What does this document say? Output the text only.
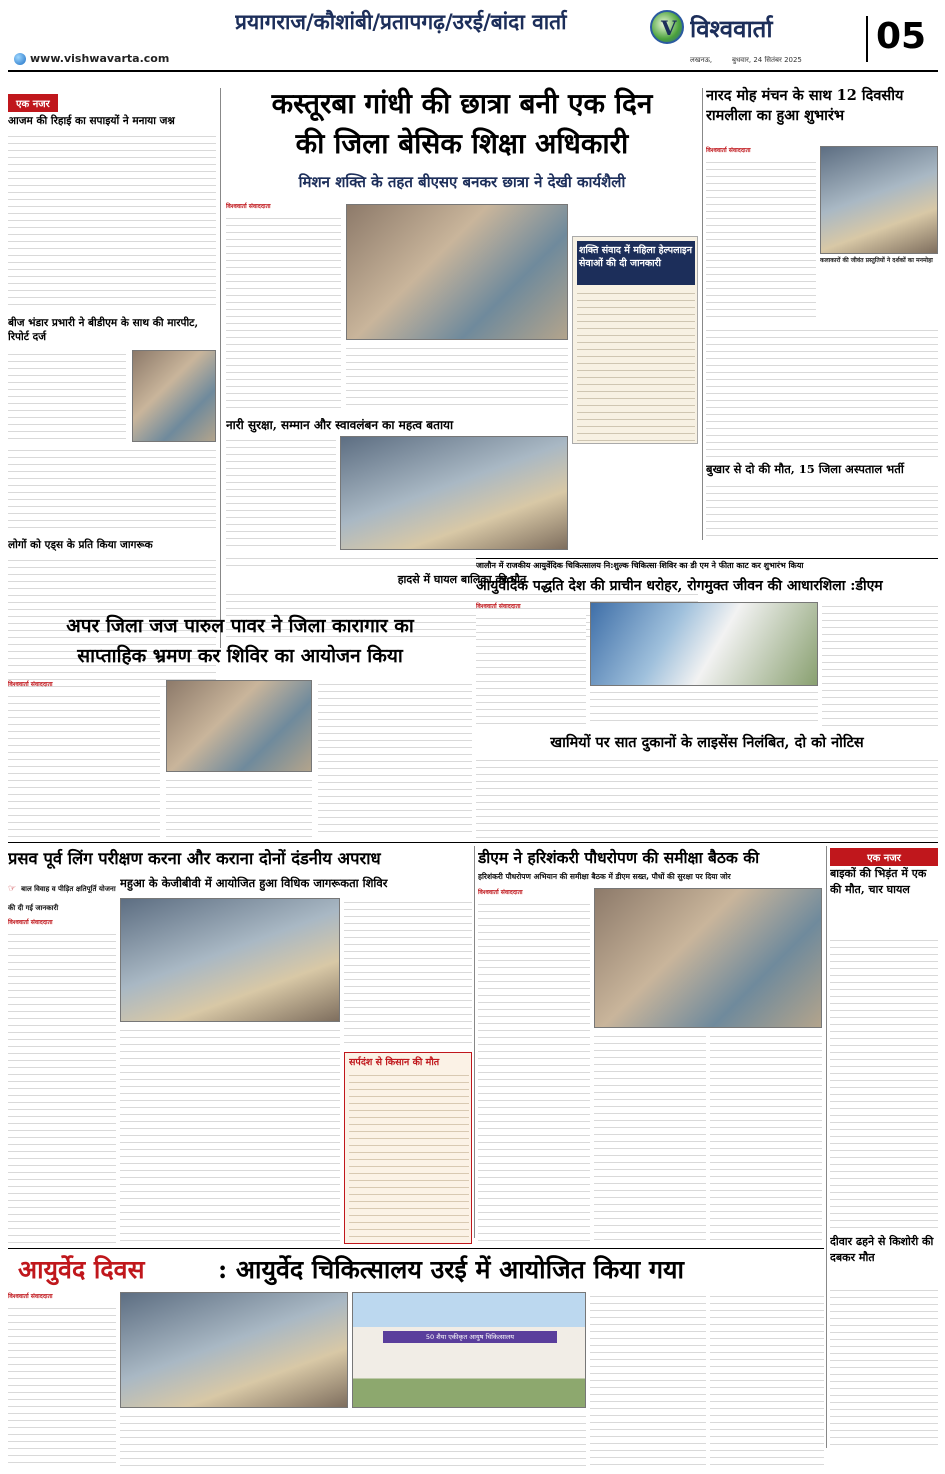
प्रयागराज/कौशांबी/प्रतापगढ़/उरई/बांदा वार्ता
www.vishwavarta.com
V विश्ववार्ता
लखनऊ,	बुधवार, 24 सितंबर 2025
05
एक नजर
आजम की रिहाई का सपाइयों ने मनाया जश्न
बीज भंडार प्रभारी ने बीडीएम के साथ की मारपीट, रिपोर्ट दर्ज
लोगों को एड्स के प्रति किया जागरूक
कस्तूरबा गांधी की छात्रा बनी एक दिन
की जिला बेसिक शिक्षा अधिकारी
मिशन शक्ति के तहत बीएसए बनकर छात्रा ने देखी कार्यशैली
विश्ववार्ता संवाददाता
शक्ति संवाद में महिला हेल्पलाइन सेवाओं की दी जानकारी
नारी सुरक्षा, सम्मान और स्वावलंबन का महत्व बताया
हादसे में घायल बालिका की मौत
नारद मोह मंचन के साथ 12 दिवसीय रामलीला का हुआ शुभारंभ
विश्ववार्ता संवाददाता
कलाकारों की जीवंत प्रस्तुतियों ने दर्शकों का मनमोहा
बुखार से दो की मौत, 15 जिला अस्पताल भर्ती
जालौन में राजकीय आयुर्वेदिक चिकित्सालय नि:शुल्क चिकित्सा शिविर का डी एम ने फीता काट कर शुभारंभ किया
आयुर्वेदिक पद्धति देश की प्राचीन धरोहर, रोगमुक्त जीवन की आधारशिला :डीएम
विश्ववार्ता संवाददाता
अपर जिला जज पारुल पावर ने जिला कारागार का
साप्ताहिक भ्रमण कर शिविर का आयोजन किया
विश्ववार्ता संवाददाता
खामियों पर सात दुकानों के लाइसेंस निलंबित, दो को नोटिस
प्रसव पूर्व लिंग परीक्षण करना और कराना दोनों दंडनीय अपराध
☞ बाल विवाह व पीड़ित क्षतिपूर्ति योजना की दी गई जानकारी
महुआ के केजीबीवी में आयोजित हुआ विधिक जागरूकता शिविर
विश्ववार्ता संवाददाता
सर्पदंश से किसान की मौत
डीएम ने हरिशंकरी पौधरोपण की समीक्षा बैठक की
हरिशंकरी पौधरोपण अभियान की समीक्षा बैठक में डीएम सख्त, पौधों की सुरक्षा पर दिया जोर
विश्ववार्ता संवाददाता
एक नजर
बाइकों की भिड़ंत में एक की मौत, चार घायल
दीवार ढहने से किशोरी की दबकर मौत
आयुर्वेद दिवस	: आयुर्वेद चिकित्सालय उरई में आयोजित किया गया
विश्ववार्ता संवाददाता
50 शैया एकीकृत आयुष चिकित्सालय
